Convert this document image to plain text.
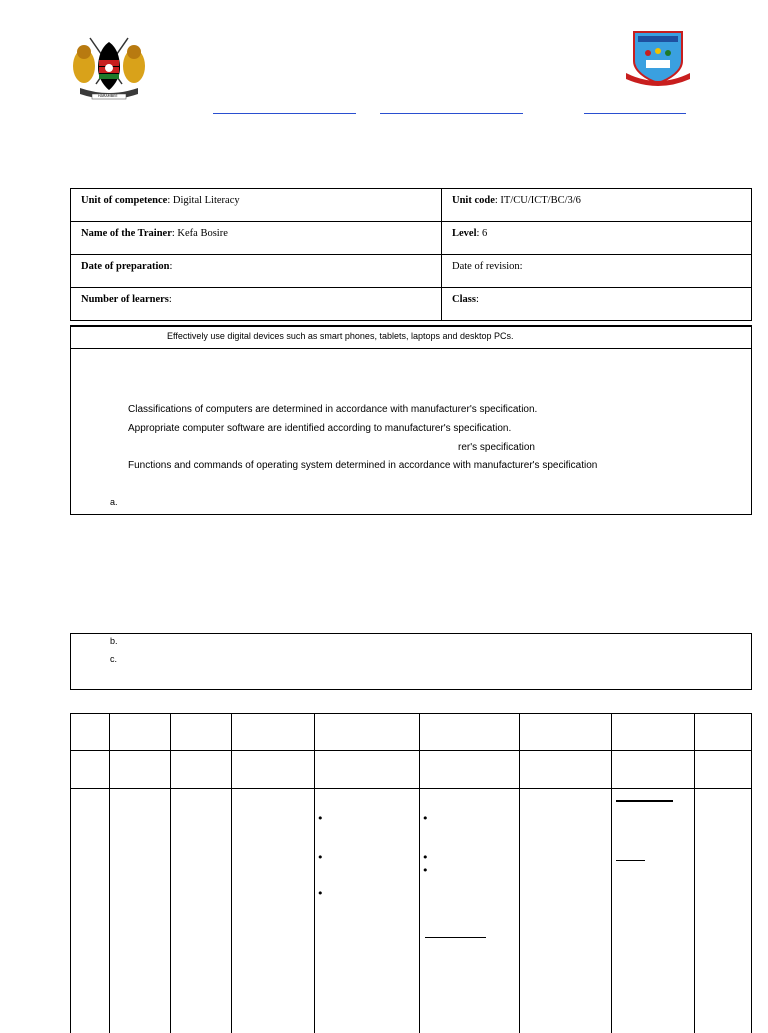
HARAMBEE
Unit of competence: Digital Literacy	Unit code: IT/CU/ICT/BC/3/6
Name of the Trainer: Kefa Bosire	Level: 6
Date of preparation:	Date of revision:
Number of learners:	Class:
Effectively use digital devices such as smart phones, tablets, laptops and desktop PCs.
Classifications of computers are determined in accordance with manufacturer's specification.
Appropriate computer software are identified according to manufacturer's specification.
rer's specification
Functions and commands of operating system determined in accordance with manufacturer's specification
a.
b.
c.
•
•
•
•
•
•
